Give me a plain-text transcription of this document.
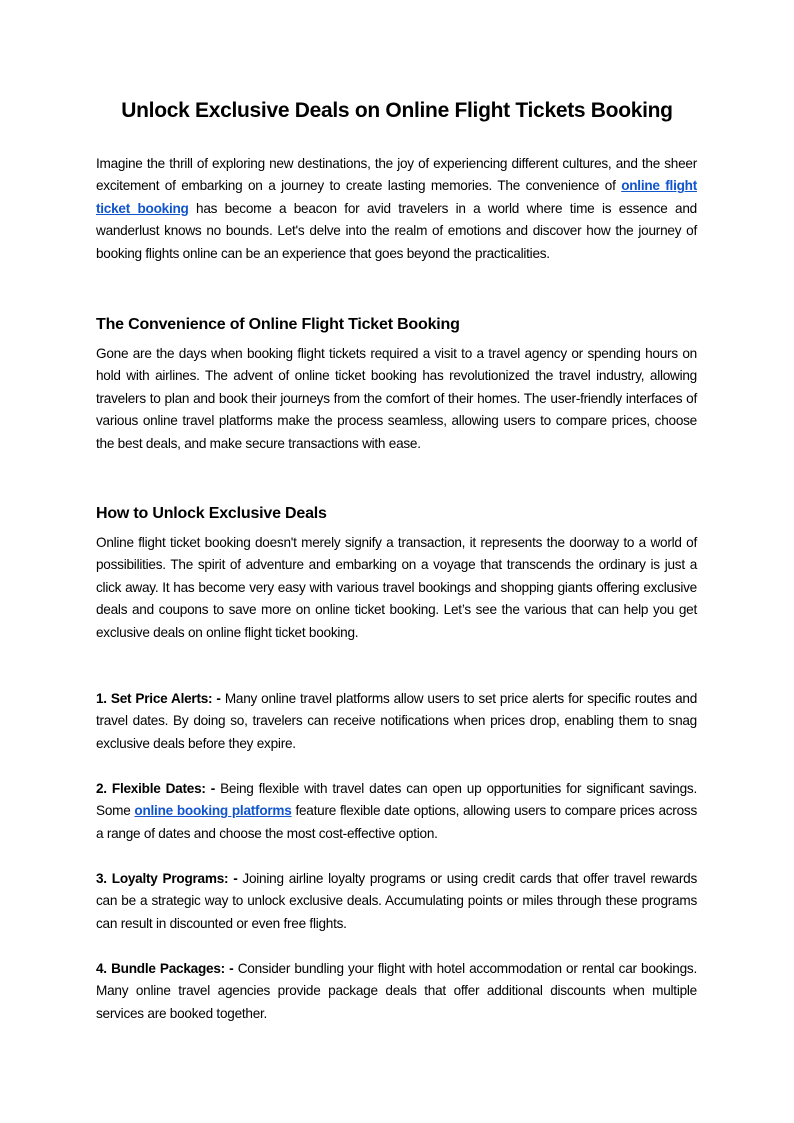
Unlock Exclusive Deals on Online Flight Tickets Booking

Imagine the thrill of exploring new destinations, the joy of experiencing different cultures, and the sheer excitement of embarking on a journey to create lasting memories. The convenience of online flight ticket booking has become a beacon for avid travelers in a world where time is essence and wanderlust knows no bounds. Let's delve into the realm of emotions and discover how the journey of booking flights online can be an experience that goes beyond the practicalities.

The Convenience of Online Flight Ticket Booking

Gone are the days when booking flight tickets required a visit to a travel agency or spending hours on hold with airlines. The advent of online ticket booking has revolutionized the travel industry, allowing travelers to plan and book their journeys from the comfort of their homes. The user-friendly interfaces of various online travel platforms make the process seamless, allowing users to compare prices, choose the best deals, and make secure transactions with ease.

How to Unlock Exclusive Deals

Online flight ticket booking doesn't merely signify a transaction, it represents the doorway to a world of possibilities. The spirit of adventure and embarking on a voyage that transcends the ordinary is just a click away. It has become very easy with various travel bookings and shopping giants offering exclusive deals and coupons to save more on online ticket booking. Let’s see the various that can help you get exclusive deals on online flight ticket booking.

1. Set Price Alerts: - Many online travel platforms allow users to set price alerts for specific routes and travel dates. By doing so, travelers can receive notifications when prices drop, enabling them to snag exclusive deals before they expire.

2. Flexible Dates: - Being flexible with travel dates can open up opportunities for significant savings. Some online booking platforms feature flexible date options, allowing users to compare prices across a range of dates and choose the most cost-effective option.

3. Loyalty Programs: - Joining airline loyalty programs or using credit cards that offer travel rewards can be a strategic way to unlock exclusive deals. Accumulating points or miles through these programs can result in discounted or even free flights.

4. Bundle Packages: - Consider bundling your flight with hotel accommodation or rental car bookings. Many online travel agencies provide package deals that offer additional discounts when multiple services are booked together.
